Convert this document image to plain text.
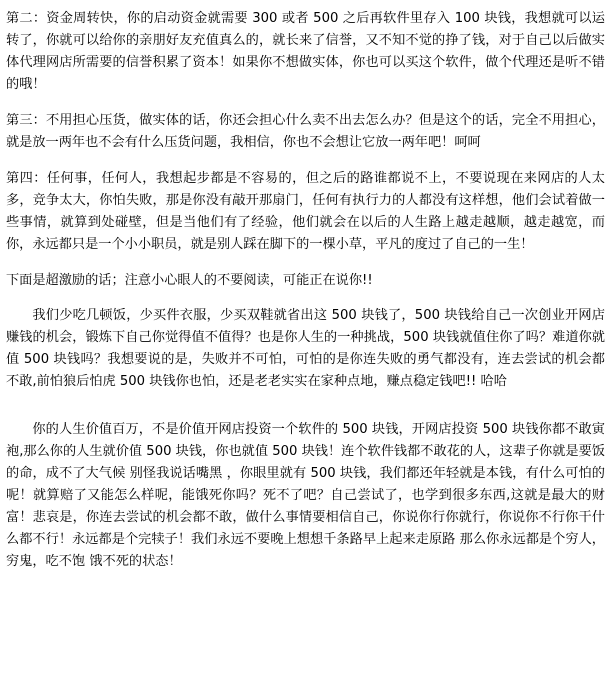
第二：资金周转快，你的启动资金就需要 300 或者 500 之后再软件里存入 100 块钱，我想就可以运转了，你就可以给你的亲朋好友充值真么的，就长来了信誉，又不知不觉的挣了钱，对于自己以后做实体代理网店所需要的信誉积累了资本！如果你不想做实体，你也可以买这个软件，做个代理还是听不错的哦！

第三：不用担心压货，做实体的话，你还会担心什么卖不出去怎么办？但是这个的话，完全不用担心，就是放一两年也不会有什么压货问题，我相信，你也不会想让它放一两年吧！呵呵

第四：任何事，任何人，我想起步都是不容易的，但之后的路谁都说不上，不要说现在来网店的人太多，竞争太大，你怕失败，那是你没有敲开那扇门，任何有执行力的人都没有这样想，他们会试着做一些事情，就算到处碰壁，但是当他们有了经验，他们就会在以后的人生路上越走越顺，越走越宽，而你，永远都只是一个小小职员，就是别人踩在脚下的一棵小草，平凡的度过了自己的一生！

下面是超激励的话；注意小心眼人的不要阅读，可能正在说你!!

我们少吃几顿饭，少买件衣服，少买双鞋就省出这 500 块钱了，500 块钱给自己一次创业开网店赚钱的机会，锻炼下自己你觉得值不值得？也是你人生的一种挑战，500 块钱就值住你了吗？难道你就值 500 块钱吗？我想要说的是，失败并不可怕，可怕的是你连失败的勇气都没有，连去尝试的机会都不敢,前怕狼后怕虎 500 块钱你也怕，还是老老实实在家种点地，赚点稳定钱吧!! 哈哈

你的人生价值百万，不是价值开网店投资一个软件的 500 块钱，开网店投资 500 块钱你都不敢寅袍,那么你的人生就价值 500 块钱，你也就值 500 块钱！连个软件钱都不敢花的人，这辈子你就是要饭的命，成不了大气候 别怪我说话嘴黑 ，你眼里就有 500 块钱，我们都还年轻就是本钱，有什么可怕的呢！就算赔了又能怎么样呢，能饿死你吗？死不了吧？自己尝试了，也学到很多东西,这就是最大的财富！悲哀是，你连去尝试的机会都不敢，做什么事情要相信自己，你说你行你就行，你说你不行你干什么都不行！永远都是个完犊子！我们永远不要晚上想想千条路早上起来走原路 那么你永远都是个穷人，穷鬼，吃不饱 饿不死的状态！
